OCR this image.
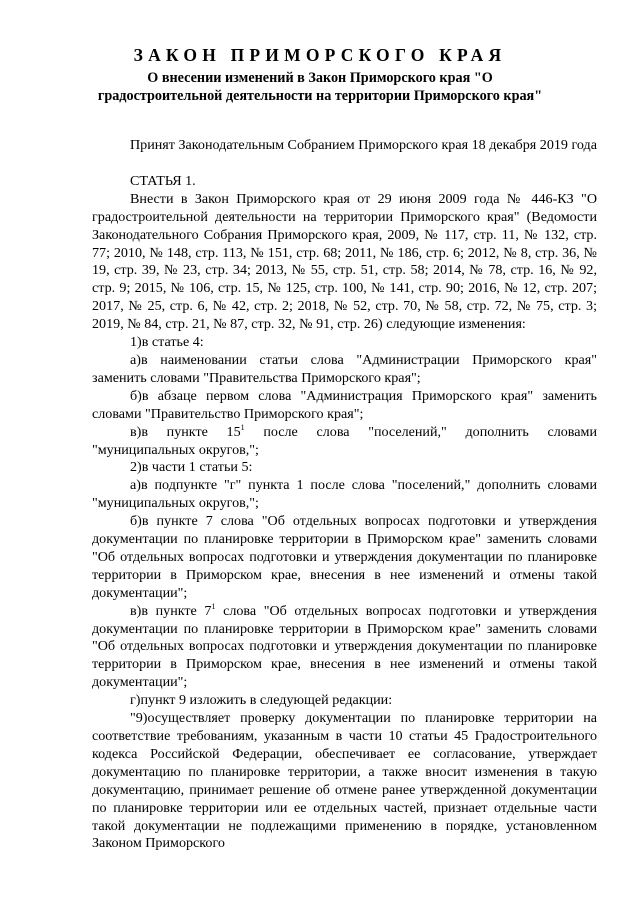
ЗАКОН ПРИМОРСКОГО КРАЯ
О внесении изменений в Закон Приморского края "О
градостроительной деятельности на территории Приморского края"

Принят Законодательным Собранием Приморского края 18 декабря 2019 года

СТАТЬЯ 1.

Внести в Закон Приморского края от 29 июня 2009 года № 446-КЗ "О градостроительной деятельности на территории Приморского края" (Ведомости Законодательного Собрания Приморского края, 2009, № 117, стр. 11, № 132, стр. 77; 2010, № 148, стр. 113, № 151, стр. 68; 2011, № 186, стр. 6; 2012, № 8, стр. 36, № 19, стр. 39, № 23, стр. 34; 2013, № 55, стр. 51, стр. 58; 2014, № 78, стр. 16, № 92, стр. 9; 2015, № 106, стр. 15, № 125, стр. 100, № 141, стр. 90; 2016, № 12, стр. 207; 2017, № 25, стр. 6, № 42, стр. 2; 2018, № 52, стр. 70, № 58, стр. 72, № 75, стр. 3; 2019, № 84, стр. 21, № 87, стр. 32, № 91, стр. 26) следующие изменения:

1)в статье 4:

а)в наименовании статьи слова "Администрации Приморского края" заменить словами "Правительства Приморского края";

б)в абзаце первом слова "Администрация Приморского края" заменить словами "Правительство Приморского края";

в)в пункте $15^1$ после слова "поселений," дополнить словами "муниципальных округов,";

2)в части 1 статьи 5:

а)в подпункте "г" пункта 1 после слова "поселений," дополнить словами "муниципальных округов,";

б)в пункте 7 слова "Об отдельных вопросах подготовки и утверждения документации по планировке территории в Приморском крае" заменить словами "Об отдельных вопросах подготовки и утверждения документации по планировке территории в Приморском крае, внесения в нее изменений и отмены такой документации";

в)в пункте $7^1$ слова "Об отдельных вопросах подготовки и утверждения документации по планировке территории в Приморском крае" заменить словами "Об отдельных вопросах подготовки и утверждения документации по планировке территории в Приморском крае, внесения в нее изменений и отмены такой документации";

г)пункт 9 изложить в следующей редакции:

"9)осуществляет проверку документации по планировке территории на соответствие требованиям, указанным в части 10 статьи 45 Градостроительного кодекса Российской Федерации, обеспечивает ее согласование, утверждает документацию по планировке территории, а также вносит изменения в такую документацию, принимает решение об отмене ранее утвержденной документации по планировке территории или ее отдельных частей, признает отдельные части такой документации не подлежащими применению в порядке, установленном Законом Приморского
